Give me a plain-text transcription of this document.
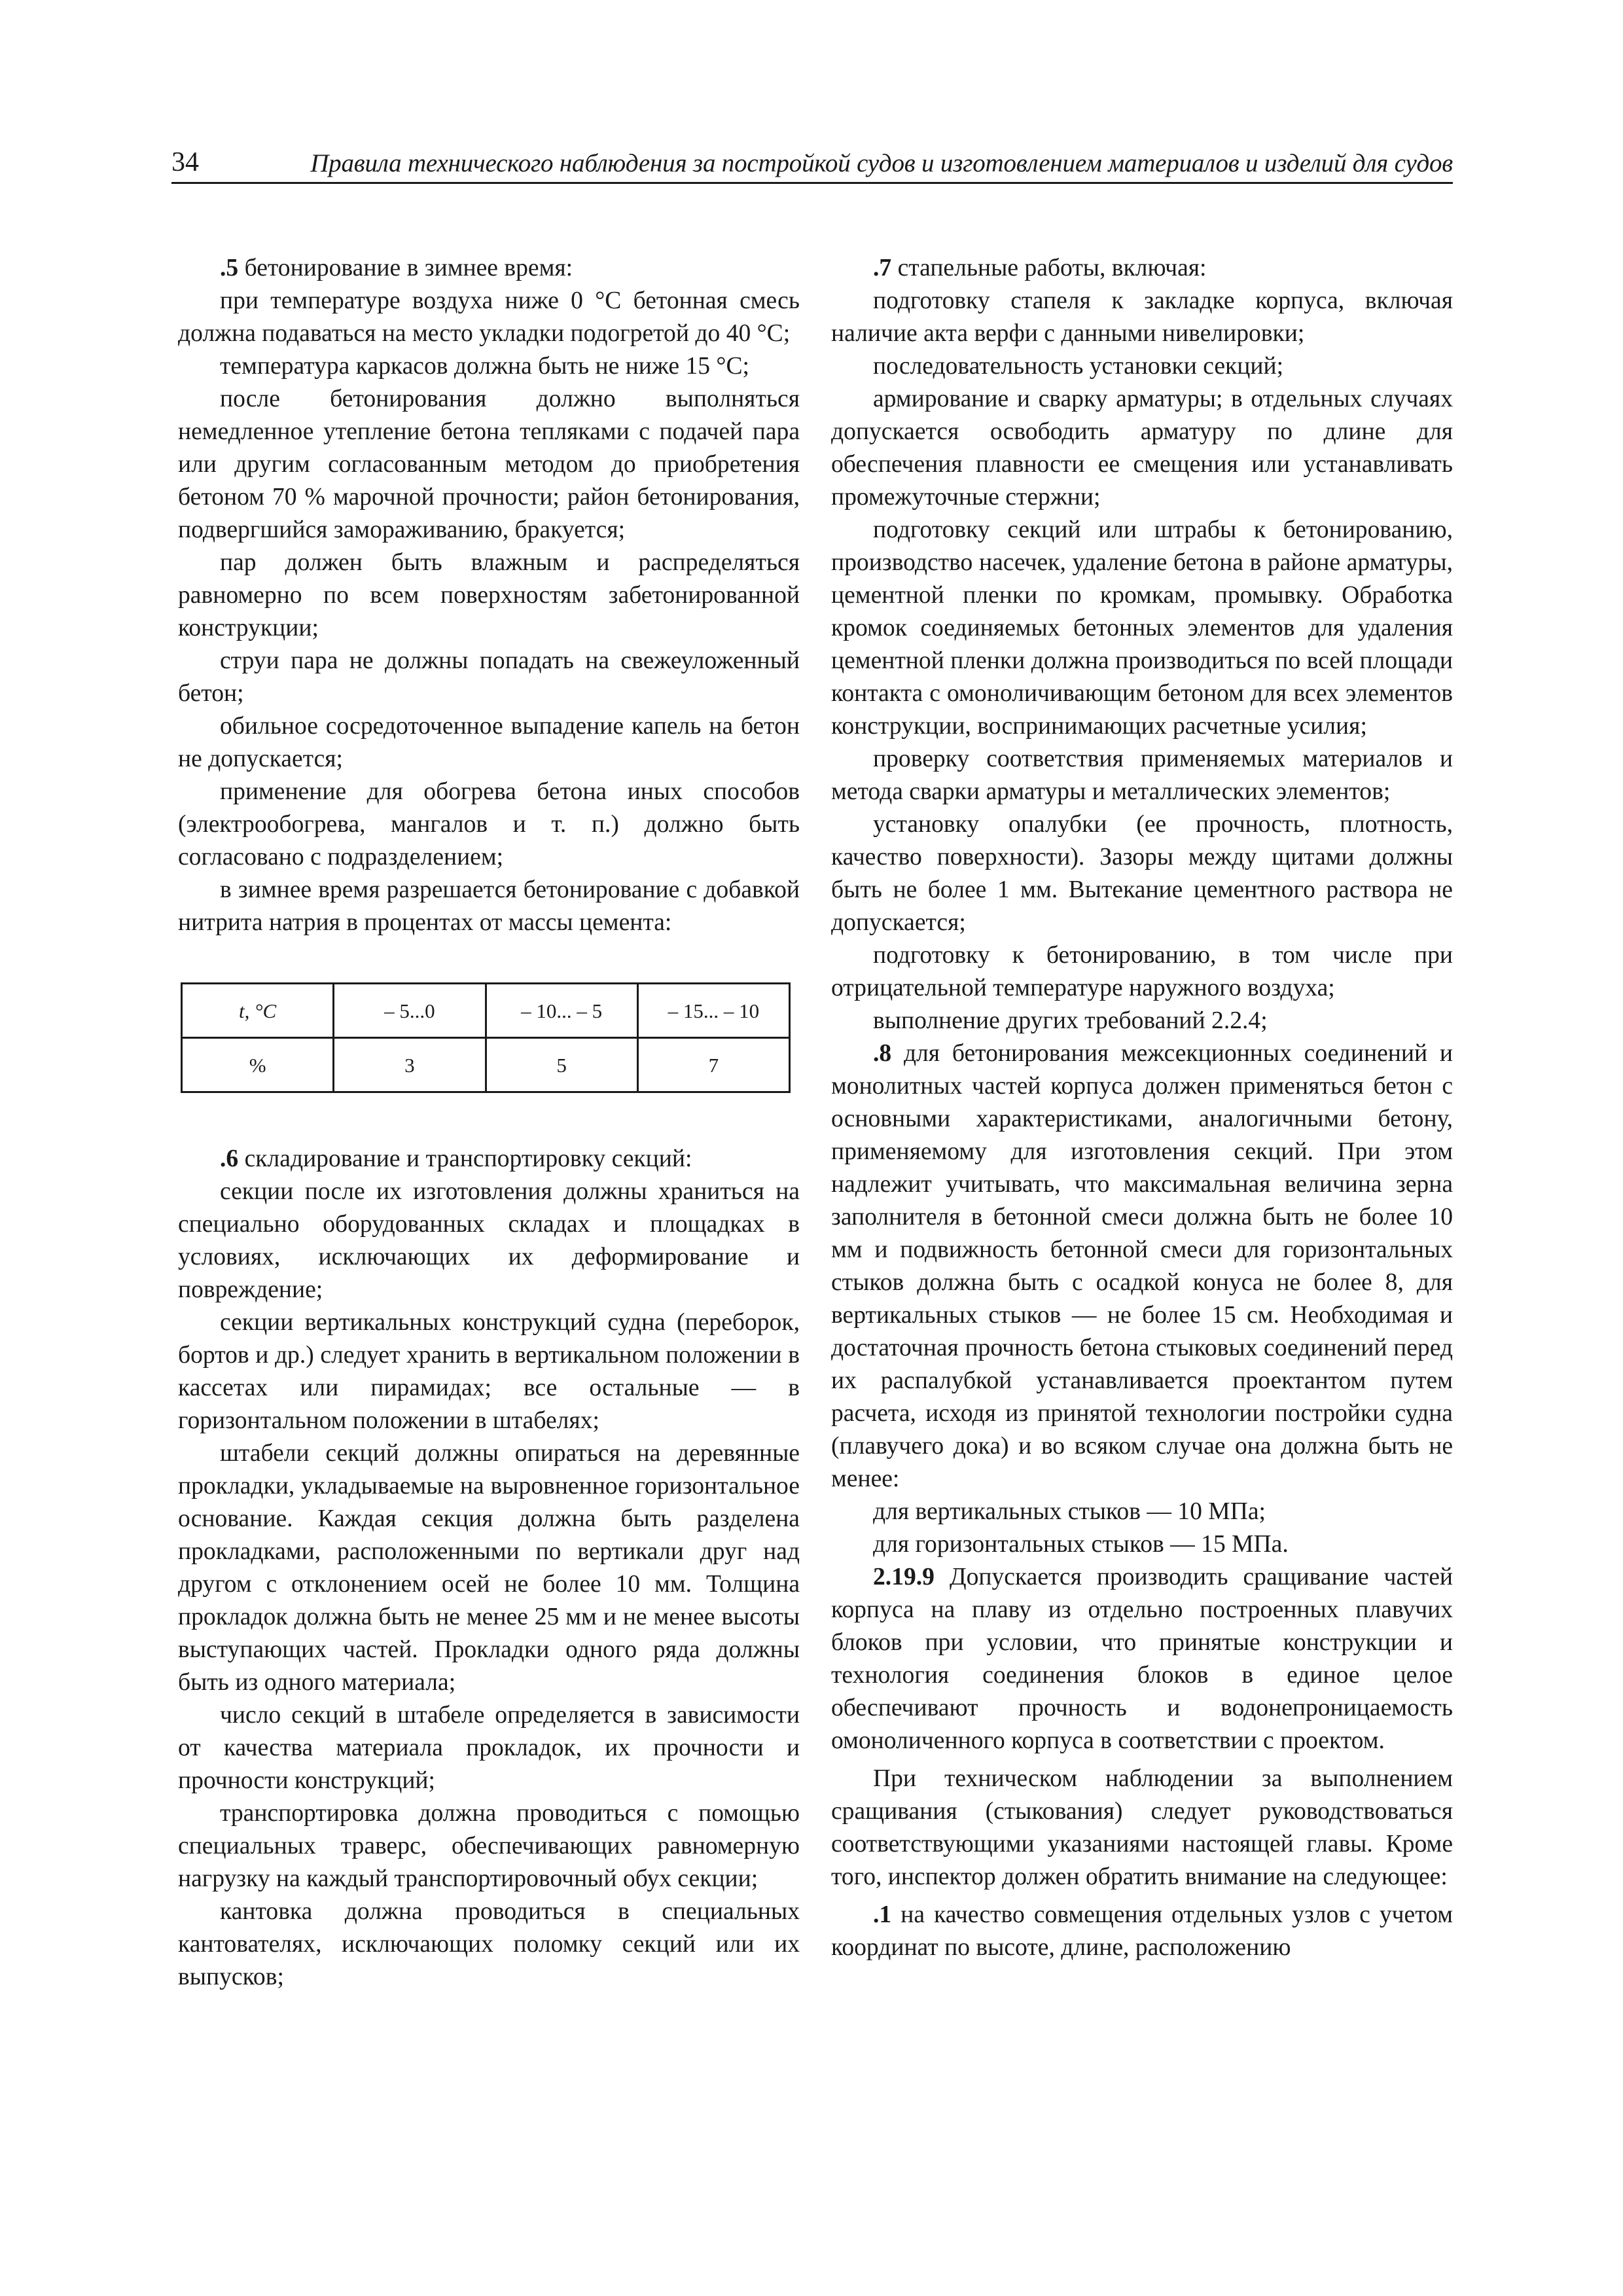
34	Правила технического наблюдения за постройкой судов и изготовлением материалов и изделий для судов

.5 бетонирование в зимнее время:

при температуре воздуха ниже 0 °С бетонная смесь должна подаваться на место укладки подогретой до 40 °С;

температура каркасов должна быть не ниже 15 °С;

после бетонирования должно выполняться немедленное утепление бетона тепляками с подачей пара или другим согласованным методом до приобретения бетоном 70 % марочной прочности; район бетонирования, подвергшийся замораживанию, бракуется;

пар должен быть влажным и распределяться равномерно по всем поверхностям забетонированной конструкции;

струи пара не должны попадать на свежеуложенный бетон;

обильное сосредоточенное выпадение капель на бетон не допускается;

применение для обогрева бетона иных способов (электрообогрева, мангалов и т. п.) должно быть согласовано с подразделением;

в зимнее время разрешается бетонирование с добавкой нитрита натрия в процентах от массы цемента:

t, °С	– 5...0	– 10... – 5	– 15... – 10
%	3	5	7

.6 складирование и транспортировку секций:

секции после их изготовления должны храниться на специально оборудованных складах и площадках в условиях, исключающих их деформирование и повреждение;

секции вертикальных конструкций судна (переборок, бортов и др.) следует хранить в вертикальном положении в кассетах или пирамидах; все остальные — в горизонтальном положении в штабелях;

штабели секций должны опираться на деревянные прокладки, укладываемые на выровненное горизонтальное основание. Каждая секция должна быть разделена прокладками, расположенными по вертикали друг над другом с отклонением осей не более 10 мм. Толщина прокладок должна быть не менее 25 мм и не менее высоты выступающих частей. Прокладки одного ряда должны быть из одного материала;

число секций в штабеле определяется в зависимости от качества материала прокладок, их прочности и прочности конструкций;

транспортировка должна проводиться с помощью специальных траверс, обеспечивающих равномерную нагрузку на каждый транспортировочный обух секции;

кантовка должна проводиться в специальных кантователях, исключающих поломку секций или их выпусков;

.7 стапельные работы, включая:

подготовку стапеля к закладке корпуса, включая наличие акта верфи с данными нивелировки;

последовательность установки секций;

армирование и сварку арматуры; в отдельных случаях допускается освободить арматуру по длине для обеспечения плавности ее смещения или устанавливать промежуточные стержни;

подготовку секций или штрабы к бетонированию, производство насечек, удаление бетона в районе арматуры, цементной пленки по кромкам, промывку. Обработка кромок соединяемых бетонных элементов для удаления цементной пленки должна производиться по всей площади контакта с омоноличивающим бетоном для всех элементов конструкции, воспринимающих расчетные усилия;

проверку соответствия применяемых материалов и метода сварки арматуры и металлических элементов;

установку опалубки (ее прочность, плотность, качество поверхности). Зазоры между щитами должны быть не более 1 мм. Вытекание цементного раствора не допускается;

подготовку к бетонированию, в том числе при отрицательной температуре наружного воздуха;

выполнение других требований 2.2.4;

.8 для бетонирования межсекционных соединений и монолитных частей корпуса должен применяться бетон с основными характеристиками, аналогичными бетону, применяемому для изготовления секций. При этом надлежит учитывать, что максимальная величина зерна заполнителя в бетонной смеси должна быть не более 10 мм и подвижность бетонной смеси для горизонтальных стыков должна быть с осадкой конуса не более 8, для вертикальных стыков — не более 15 см. Необходимая и достаточная прочность бетона стыковых соединений перед их распалубкой устанавливается проектантом путем расчета, исходя из принятой технологии постройки судна (плавучего дока) и во всяком случае она должна быть не менее:

для вертикальных стыков — 10 МПа;

для горизонтальных стыков — 15 МПа.

2.19.9 Допускается производить сращивание частей корпуса на плаву из отдельно построенных плавучих блоков при условии, что принятые конструкции и технология соединения блоков в единое целое обеспечивают прочность и водонепроницаемость омоноличенного корпуса в соответствии с проектом.

При техническом наблюдении за выполнением сращивания (стыкования) следует руководствоваться соответствующими указаниями настоящей главы. Кроме того, инспектор должен обратить внимание на следующее:

.1 на качество совмещения отдельных узлов с учетом координат по высоте, длине, расположению
